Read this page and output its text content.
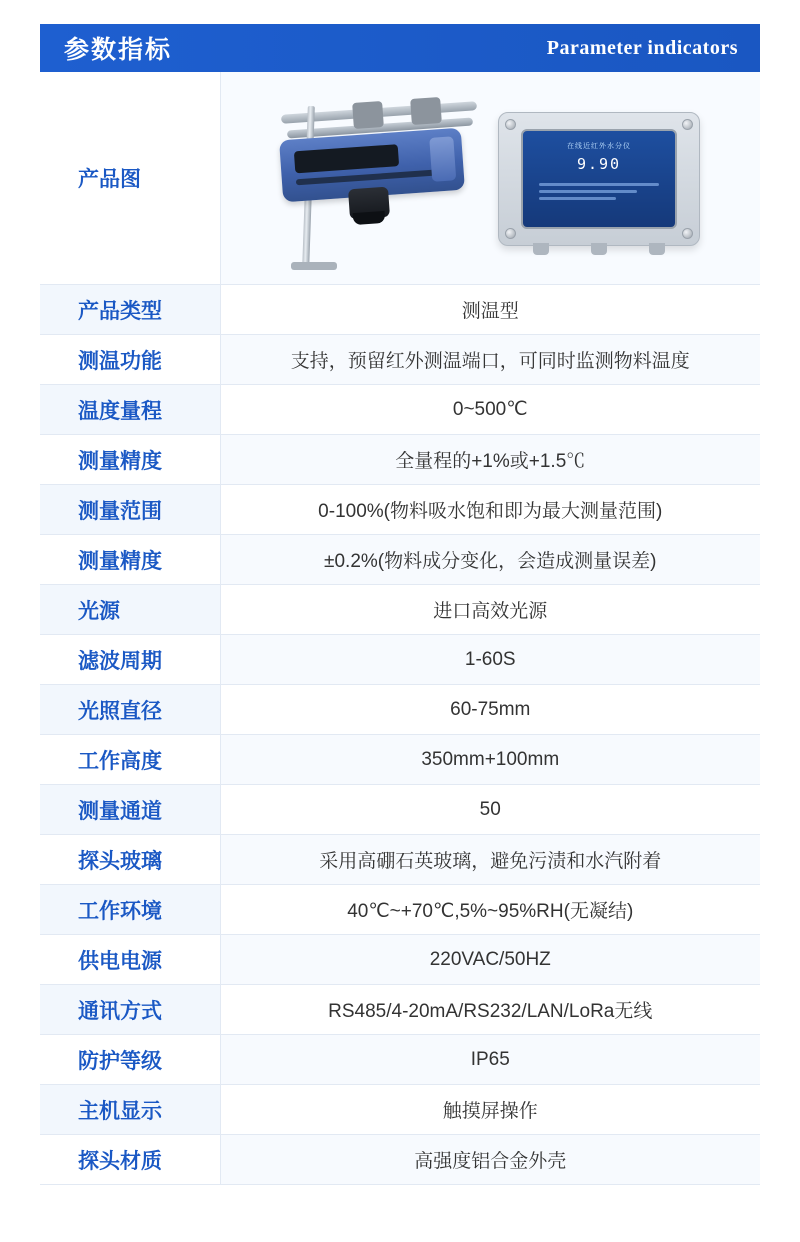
参数指标	Parameter indicators
产品图	在线近红外水分仪
9.90

产品类型	测温型
测温功能	支持，预留红外测温端口，可同时监测物料温度
温度量程	0~500℃
测量精度	全量程的+1%或+1.5℃
测量范围	0-100%(物料吸水饱和即为最大测量范围)
测量精度	±0.2%(物料成分变化，会造成测量误差)
光源	进口高效光源
滤波周期	1-60S
光照直径	60-75mm
工作高度	350mm+100mm
测量通道	50
探头玻璃	采用高硼石英玻璃，避免污渍和水汽附着
工作环境	40℃~+70℃,5%~95%RH(无凝结)
供电电源	220VAC/50HZ
通讯方式	RS485/4-20mA/RS232/LAN/LoRa无线
防护等级	IP65
主机显示	触摸屏操作
探头材质	高强度铝合金外壳
